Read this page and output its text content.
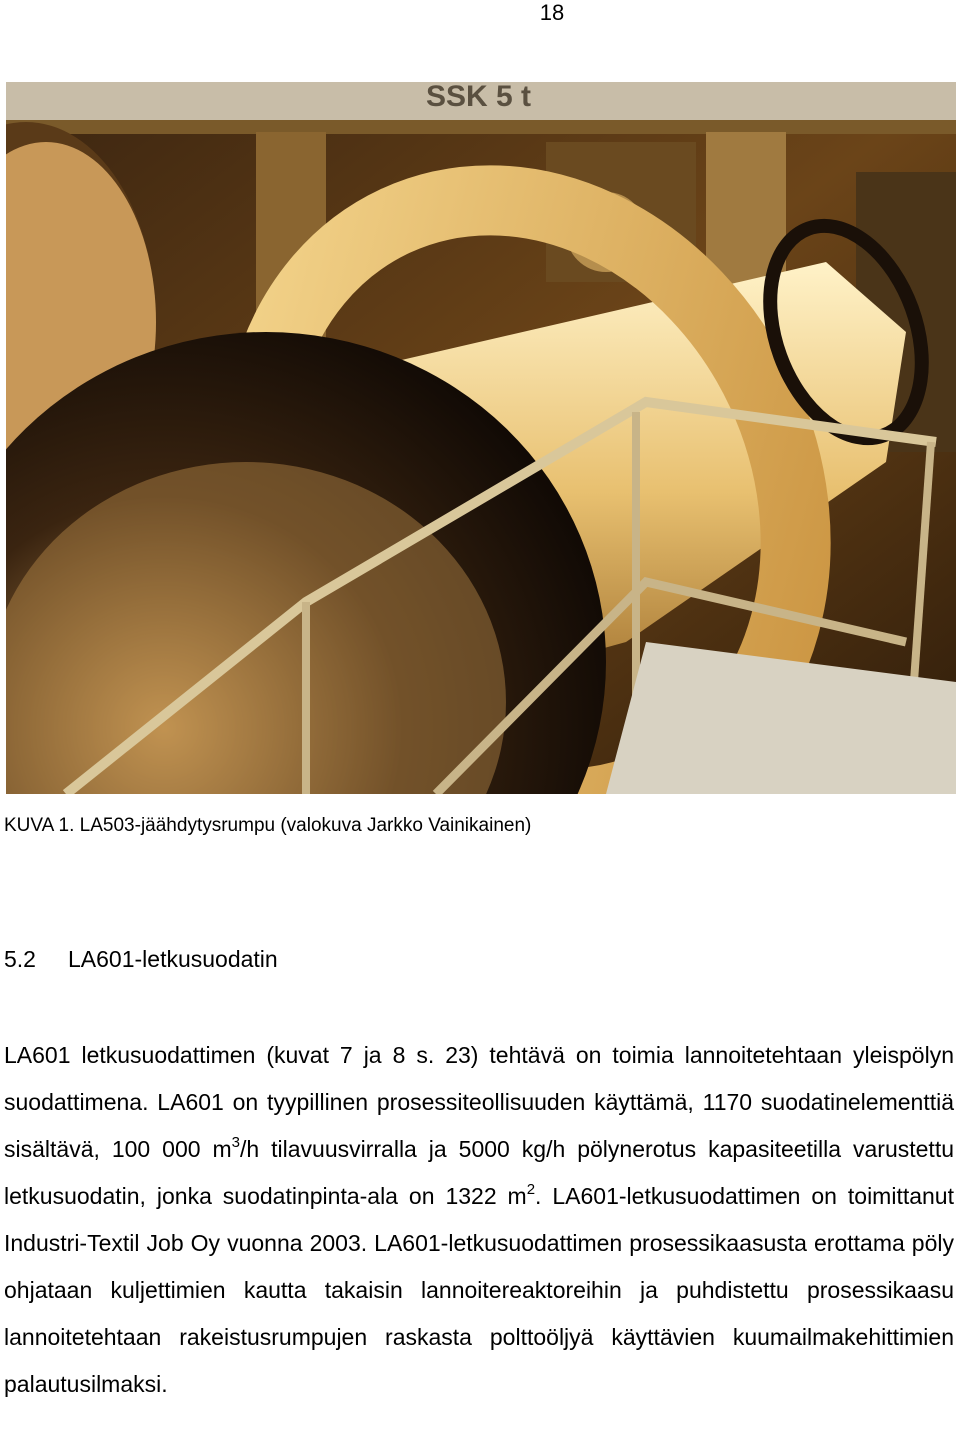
18
SSK 5 t
KUVA 1. LA503-jäähdytysrumpu (valokuva Jarkko Vainikainen)
5.2 LA601-letkusuodatin
LA601 letkusuodattimen (kuvat 7 ja 8 s. 23) tehtävä on toimia lannoitetehtaan yleispölyn suodattimena. LA601 on tyypillinen prosessiteollisuuden käyttämä, 1170 suodatinelementtiä sisältävä, 100 000 $m^3/h$ tilavuusvirralla ja 5000 kg/h pölynerotus kapasiteetilla varustettu letkusuodatin, jonka suodatinpinta-ala on 1322 $m^2$. LA601-letkusuodattimen on toimittanut Industri-Textil Job Oy vuonna 2003. LA601-letkusuodattimen prosessikaasusta erottama pöly ohjataan kuljettimien kautta takaisin lannoitereaktoreihin ja puhdistettu prosessikaasu lannoitetehtaan rakeistusrumpujen raskasta polttoöljyä käyttävien kuumailmakehittimien palautusilmaksi.
